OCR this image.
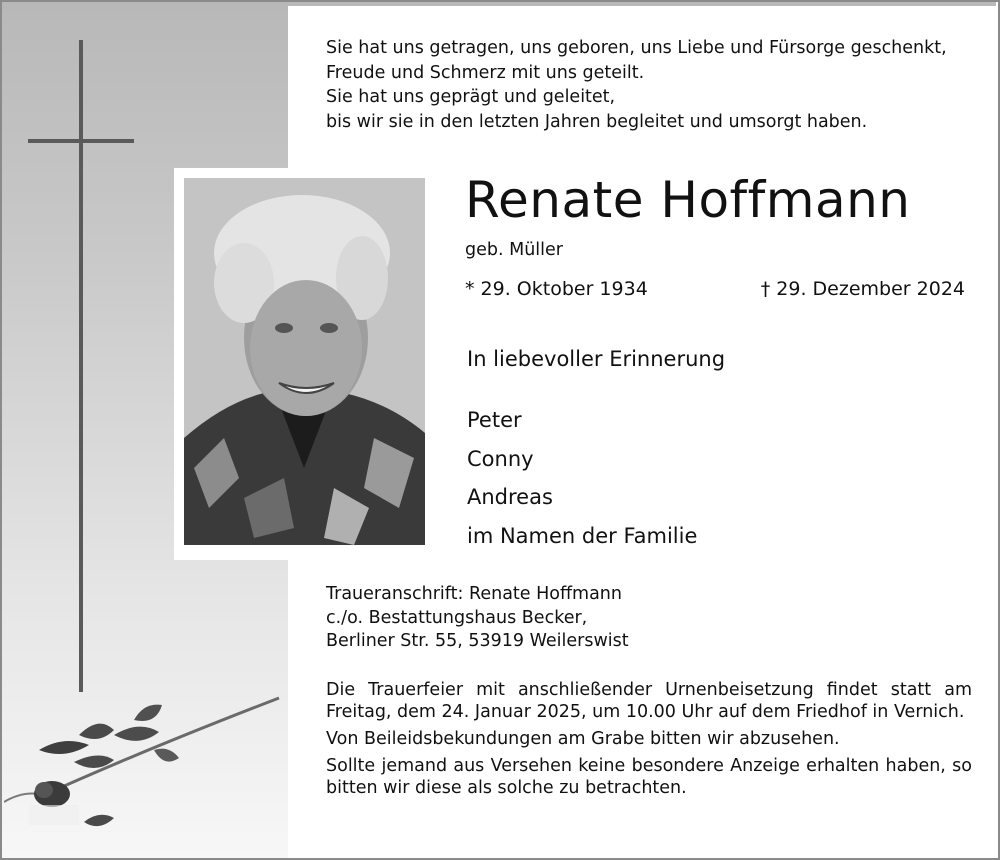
Sie hat uns getragen, uns geboren, uns Liebe und Fürsorge geschenkt,
Freude und Schmerz mit uns geteilt.
Sie hat uns geprägt und geleitet,
bis wir sie in den letzten Jahren begleitet und umsorgt haben.
Renate Hoffmann
geb. Müller
* 29. Oktober 1934	† 29. Dezember 2024
In liebevoller Erinnerung
Peter
Conny
Andreas
im Namen der Familie
Traueranschrift: Renate Hoffmann
c./o. Bestattungshaus Becker,
Berliner Str. 55, 53919 Weilerswist

Die Trauerfeier mit anschließender Urnenbeisetzung findet statt am Freitag, dem 24. Januar 2025, um 10.00 Uhr auf dem Friedhof in Vernich.

Von Beileidsbekundungen am Grabe bitten wir abzusehen.

Sollte jemand aus Versehen keine besondere Anzeige erhalten haben, so bitten wir diese als solche zu betrachten.
